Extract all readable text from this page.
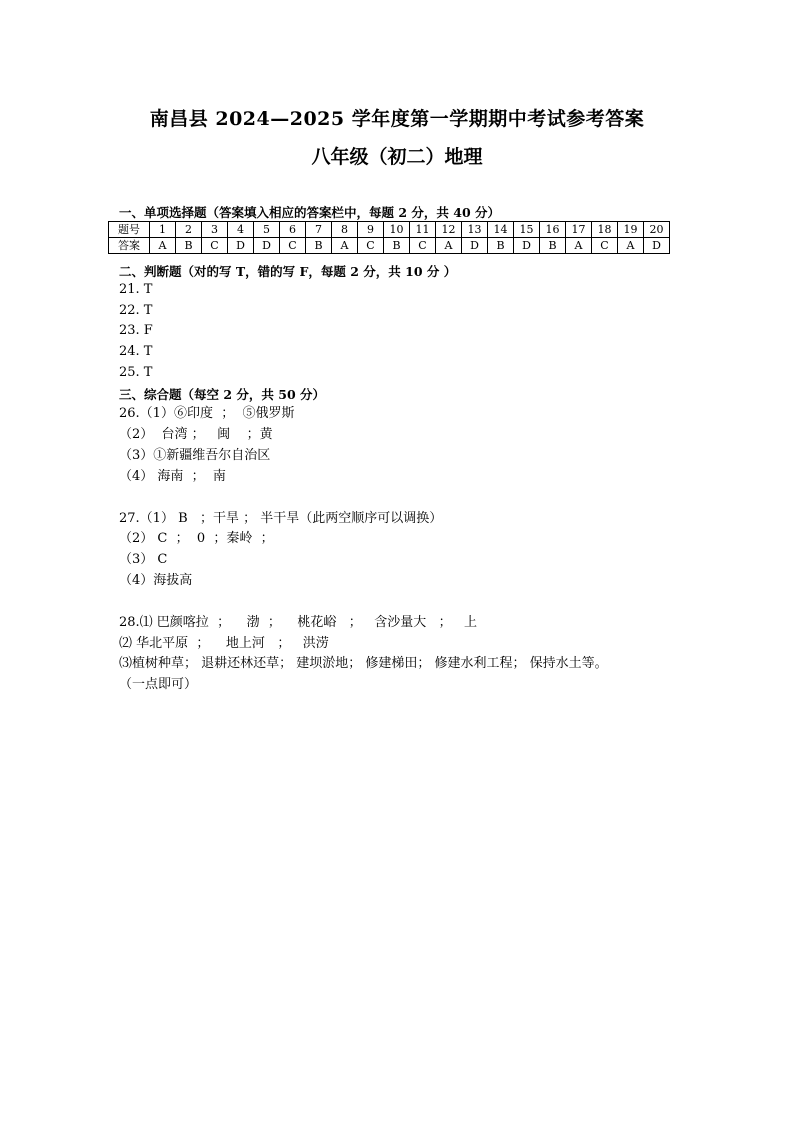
南昌县 2024—2025 学年度第一学期期中考试参考答案
八年级（初二）地理
一、单项选择题（答案填入相应的答案栏中，每题 2 分，共 40 分）
题号	1	2	3	4	5	6	7	8	9	10	11	12	13	14	15	16	17	18	19	20
答案	A	B	C	D	D	C	B	A	C	B	C	A	D	B	D	B	A	C	A	D
二、判断题（对的写 T，错的写 F，每题 2 分，共 10 分 ）
21. T
22. T
23. F
24. T
25. T
三、综合题（每空 2 分，共 50 分）
26.（1）⑥印度  ；  ⑤俄罗斯
（2）  台湾 ；   闽    ；黄
（3）①新疆维吾尔自治区
（4） 海南  ；  南
27.（1） B   ；干旱 ； 半干旱（此两空顺序可以调换）
（2） C  ；  0  ；秦岭  ；
（3） C
（4）海拔高
28.⑴ 巴颜喀拉  ；    渤  ；    桃花峪   ；   含沙量大   ；   上
⑵ 华北平原  ；    地上河   ；   洪涝
⑶植树种草； 退耕还林还草； 建坝淤地； 修建梯田； 修建水利工程； 保持水土等。
（一点即可）
